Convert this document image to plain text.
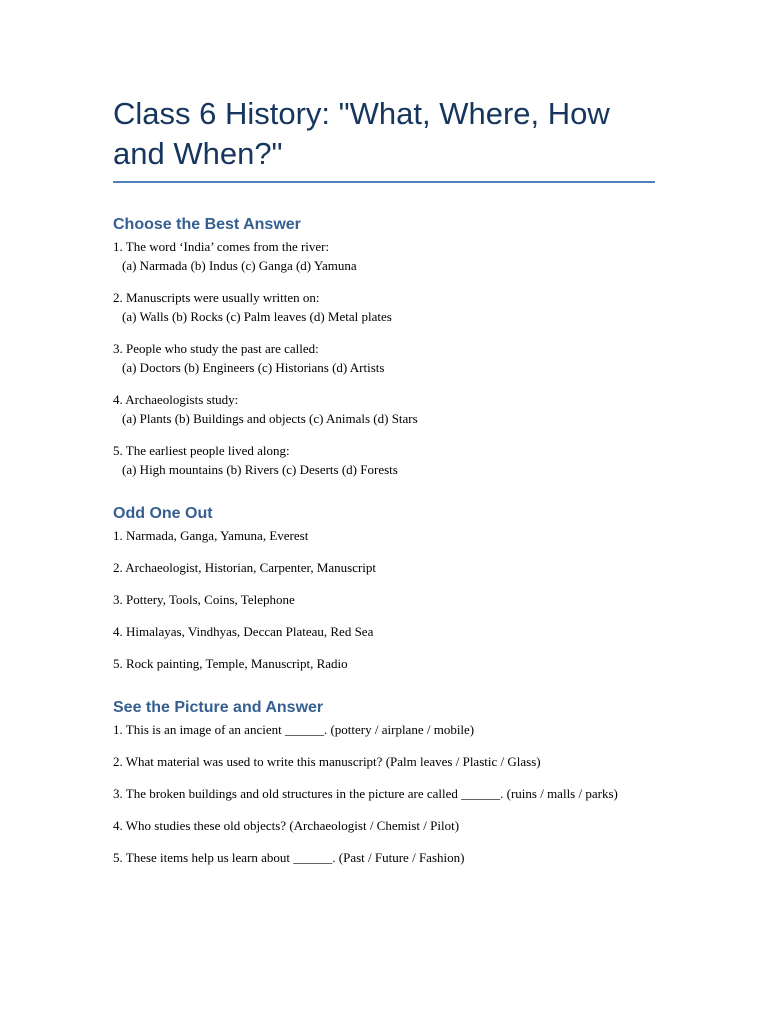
Class 6 History: "What, Where, How and When?"
Choose the Best Answer

1. The word ‘India’ comes from the river:
(a) Narmada (b) Indus (c) Ganga (d) Yamuna

2. Manuscripts were usually written on:
(a) Walls (b) Rocks (c) Palm leaves (d) Metal plates

3. People who study the past are called:
(a) Doctors (b) Engineers (c) Historians (d) Artists

4. Archaeologists study:
(a) Plants (b) Buildings and objects (c) Animals (d) Stars

5. The earliest people lived along:
(a) High mountains (b) Rivers (c) Deserts (d) Forests

Odd One Out

1. Narmada, Ganga, Yamuna, Everest

2. Archaeologist, Historian, Carpenter, Manuscript

3. Pottery, Tools, Coins, Telephone

4. Himalayas, Vindhyas, Deccan Plateau, Red Sea

5. Rock painting, Temple, Manuscript, Radio

See the Picture and Answer

1. This is an image of an ancient ______. (pottery / airplane / mobile)

2. What material was used to write this manuscript? (Palm leaves / Plastic / Glass)

3. The broken buildings and old structures in the picture are called ______. (ruins / malls / parks)

4. Who studies these old objects? (Archaeologist / Chemist / Pilot)

5. These items help us learn about ______. (Past / Future / Fashion)
